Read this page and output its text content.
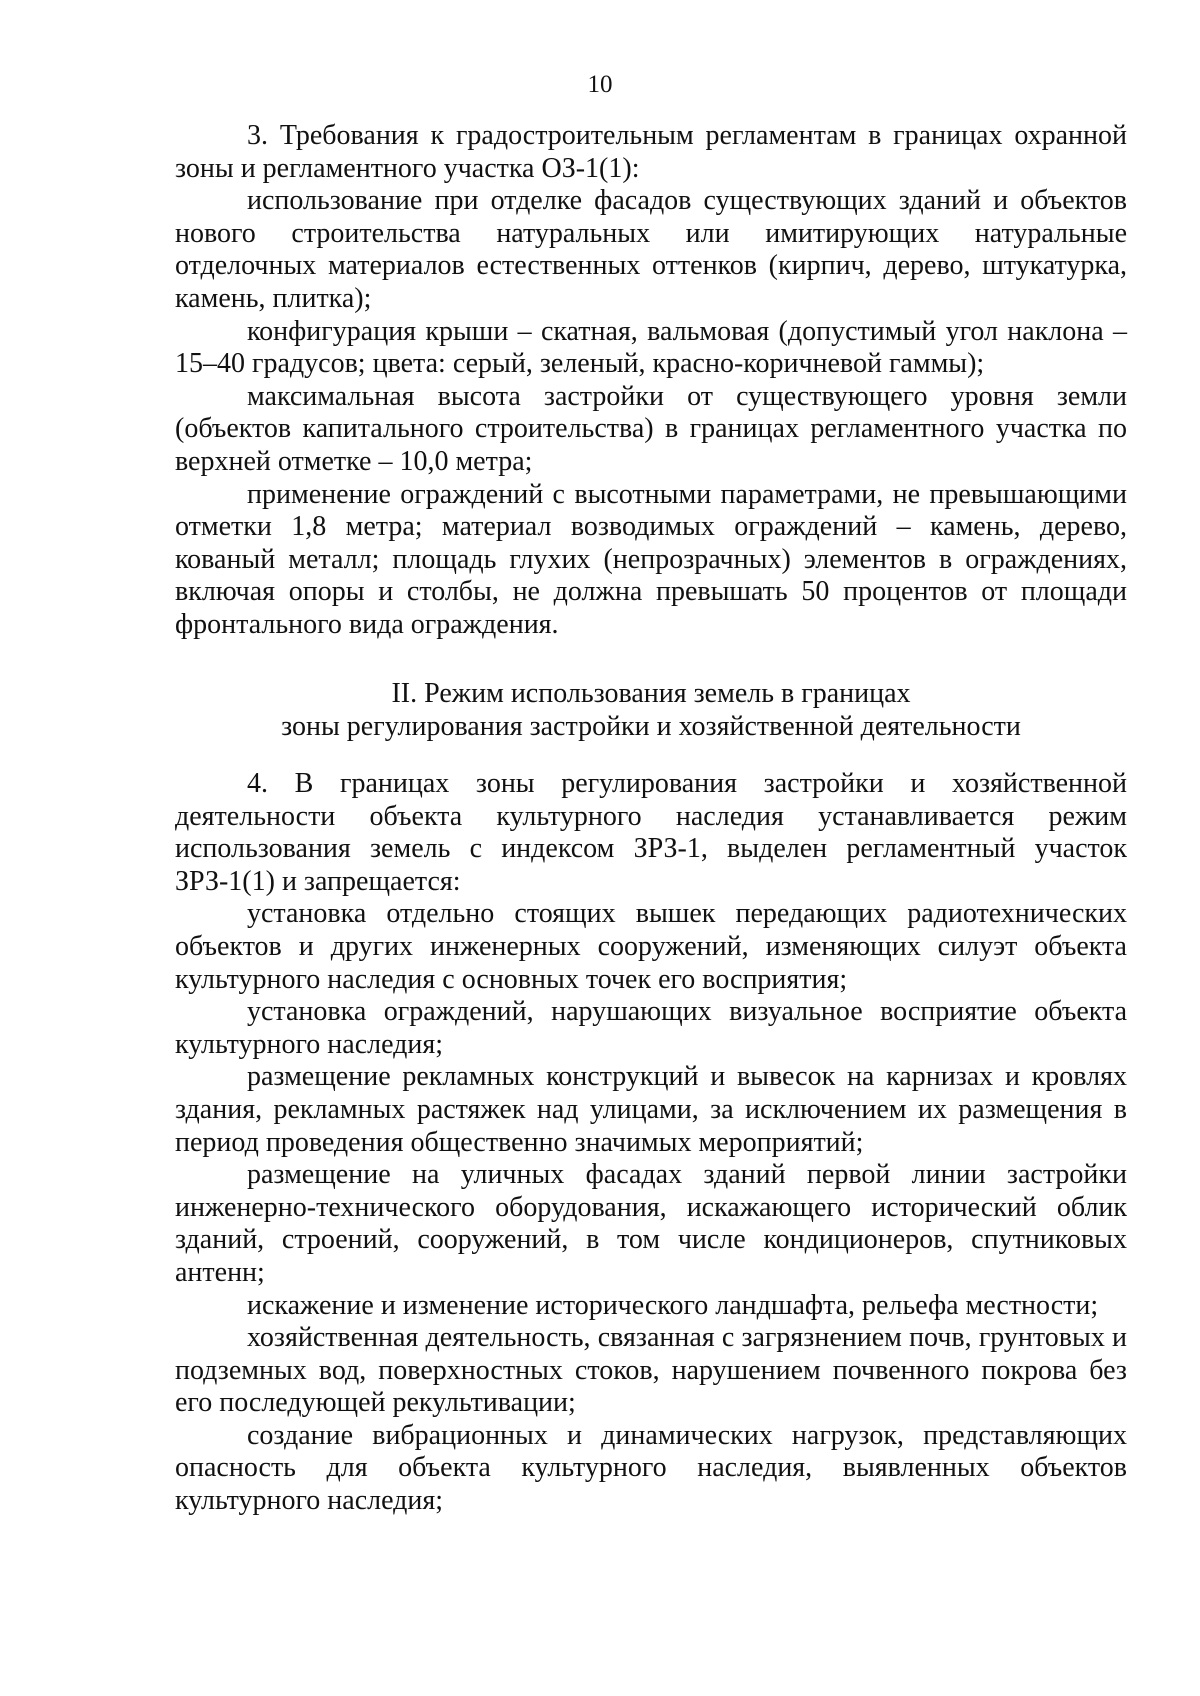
10

3. Требования к градостроительным регламентам в границах охранной зоны и регламентного участка ОЗ-1(1):

использование при отделке фасадов существующих зданий и объектов нового строительства натуральных или имитирующих натуральные отделочных материалов естественных оттенков (кирпич, дерево, штукатурка, камень, плитка);

конфигурация крыши – скатная, вальмовая (допустимый угол наклона – 15–40 градусов; цвета: серый, зеленый, красно-коричневой гаммы);

максимальная высота застройки от существующего уровня земли (объектов капитального строительства) в границах регламентного участка по верхней отметке – 10,0 метра;

применение ограждений с высотными параметрами, не превышающими отметки 1,8 метра; материал возводимых ограждений – камень, дерево, кованый металл; площадь глухих (непрозрачных) элементов в ограждениях, включая опоры и столбы, не должна превышать 50 процентов от площади фронтального вида ограждения.

II. Режим использования земель в границах
зоны регулирования застройки и хозяйственной деятельности

4. В границах зоны регулирования застройки и хозяйственной деятельности объекта культурного наследия устанавливается режим использования земель с индексом ЗРЗ-1, выделен регламентный участок ЗРЗ-1(1) и запрещается:

установка отдельно стоящих вышек передающих радиотехнических объектов и других инженерных сооружений, изменяющих силуэт объекта культурного наследия с основных точек его восприятия;

установка ограждений, нарушающих визуальное восприятие объекта культурного наследия;

размещение рекламных конструкций и вывесок на карнизах и кровлях здания, рекламных растяжек над улицами, за исключением их размещения в период проведения общественно значимых мероприятий;

размещение на уличных фасадах зданий первой линии застройки инженерно-технического оборудования, искажающего исторический облик зданий, строений, сооружений, в том числе кондиционеров, спутниковых антенн;

искажение и изменение исторического ландшафта, рельефа местности;

хозяйственная деятельность, связанная с загрязнением почв, грунтовых и подземных вод, поверхностных стоков, нарушением почвенного покрова без его последующей рекультивации;

создание вибрационных и динамических нагрузок, представляющих опасность для объекта культурного наследия, выявленных объектов культурного наследия;
